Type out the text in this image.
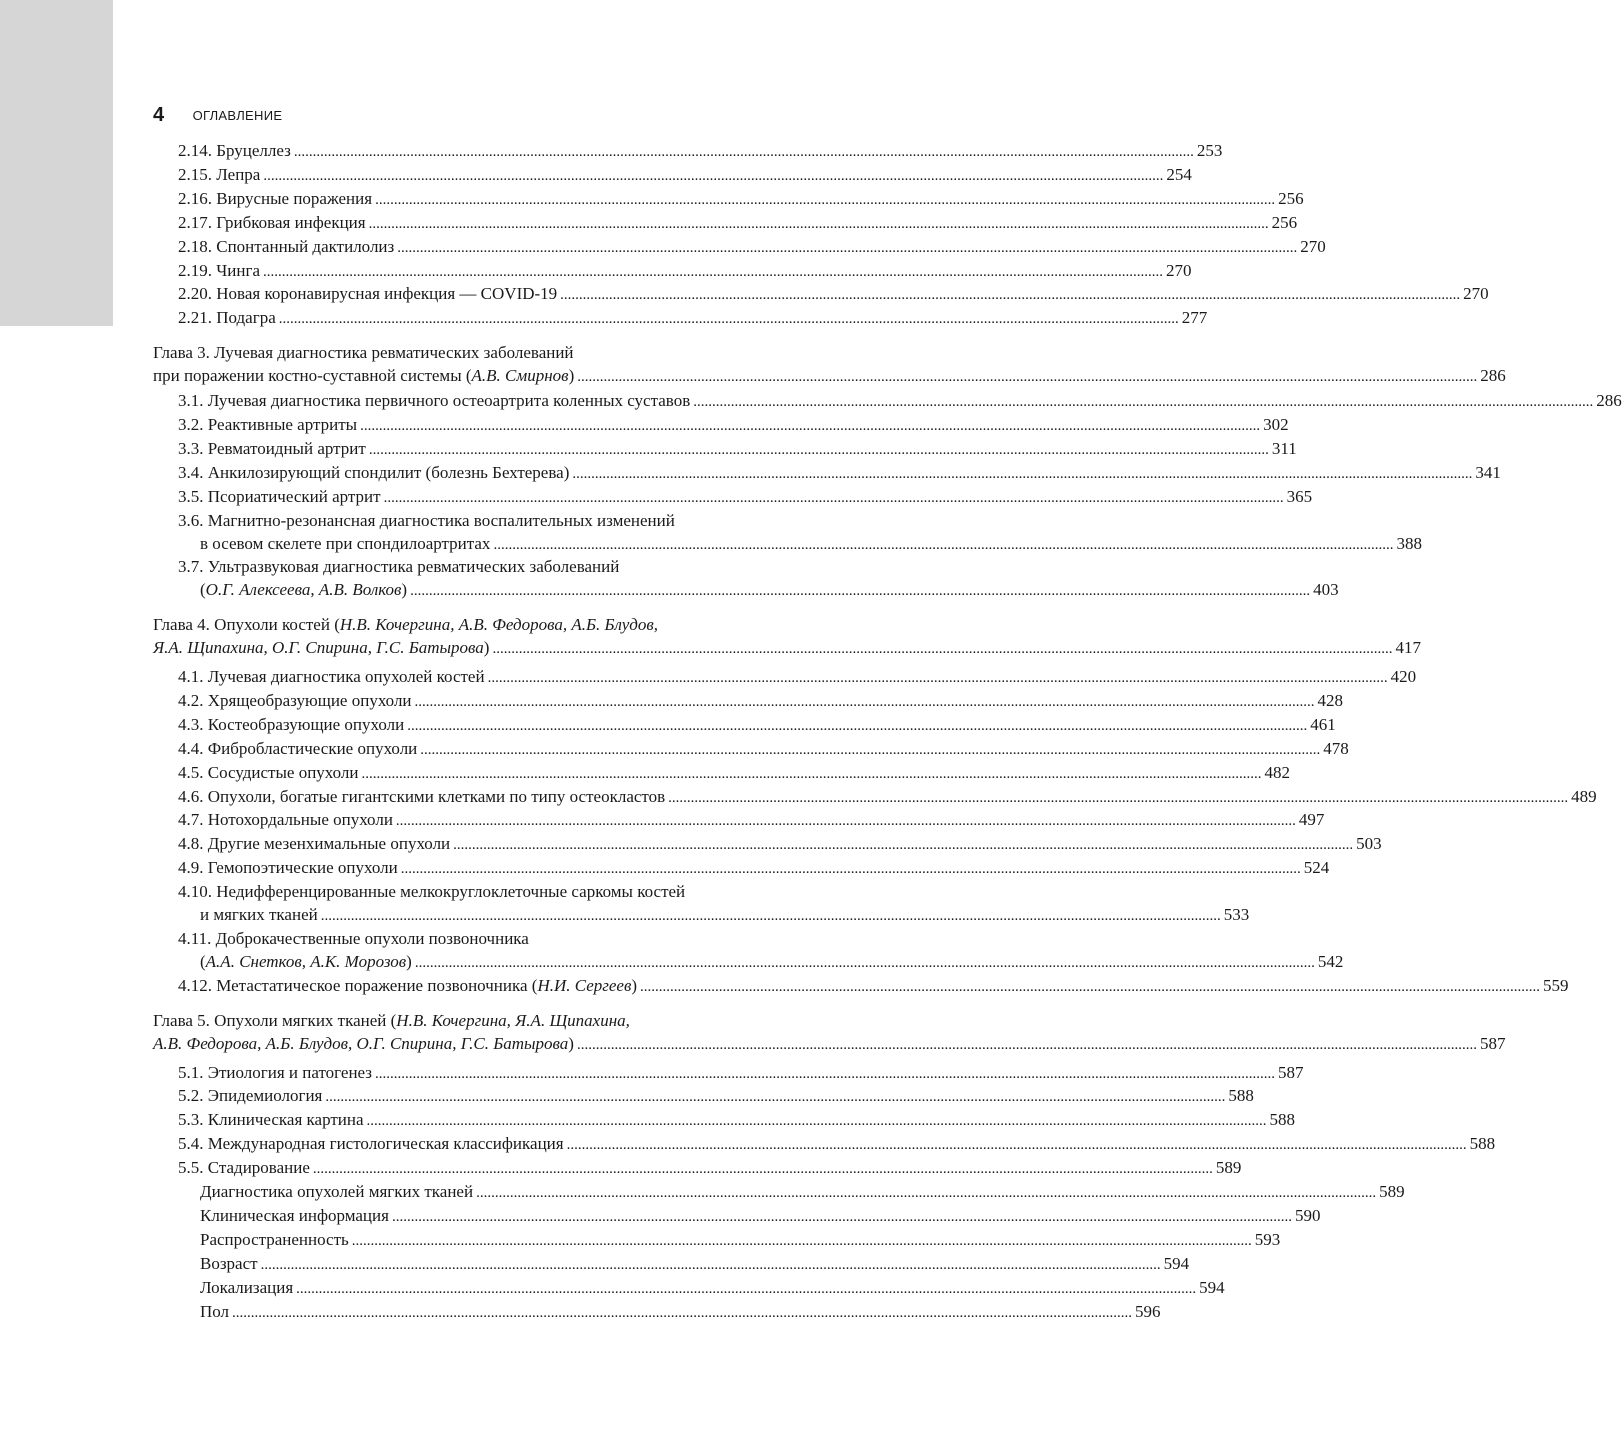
4 ОГЛАВЛЕНИЕ
2.14. Бруцеллез .....	253
2.15. Лепра .....	254
2.16. Вирусные поражения .....	256
2.17. Грибковая инфекция .....	256
2.18. Спонтанный дактилолиз .....	270
2.19. Чинга .....	270
2.20. Новая коронавирусная инфекция — COVID-19 .....	270
2.21. Подагра .....	277
Глава 3. Лучевая диагностика ревматических заболеваний
при поражении костно-суставной системы (А.В. Смирнов) .....	286
3.1. Лучевая диагностика первичного остеоартрита коленных суставов .....	286
3.2. Реактивные артриты .....	302
3.3. Ревматоидный артрит .....	311
3.4. Анкилозирующий спондилит (болезнь Бехтерева) .....	341
3.5. Псориатический артрит .....	365
3.6. Магнитно-резонансная диагностика воспалительных изменений
в осевом скелете при спондилоартритах .....	388
3.7. Ультразвуковая диагностика ревматических заболеваний
(О.Г. Алексеева, А.В. Волков) .....	403
Глава 4. Опухоли костей (Н.В. Кочергина, А.В. Федорова, А.Б. Блудов,
Я.А. Щипахина, О.Г. Спирина, Г.С. Батырова) .....	417
4.1. Лучевая диагностика опухолей костей .....	420
4.2. Хрящеобразующие опухоли .....	428
4.3. Костеобразующие опухоли .....	461
4.4. Фибробластические опухоли .....	478
4.5. Сосудистые опухоли .....	482
4.6. Опухоли, богатые гигантскими клетками по типу остеокластов .....	489
4.7. Нотохордальные опухоли .....	497
4.8. Другие мезенхимальные опухоли .....	503
4.9. Гемопоэтические опухоли .....	524
4.10. Недифференцированные мелкокруглоклеточные саркомы костей
и мягких тканей .....	533
4.11. Доброкачественные опухоли позвоночника
(А.А. Снетков, А.К. Морозов) .....	542
4.12. Метастатическое поражение позвоночника (Н.И. Сергеев) .....	559
Глава 5. Опухоли мягких тканей (Н.В. Кочергина, Я.А. Щипахина,
А.В. Федорова, А.Б. Блудов, О.Г. Спирина, Г.С. Батырова) .....	587
5.1. Этиология и патогенез .....	587
5.2. Эпидемиология .....	588
5.3. Клиническая картина .....	588
5.4. Международная гистологическая классификация .....	588
5.5. Стадирование .....	589
Диагностика опухолей мягких тканей .....	589
Клиническая информация .....	590
Распространенность .....	593
Возраст .....	594
Локализация .....	594
Пол .....	596
